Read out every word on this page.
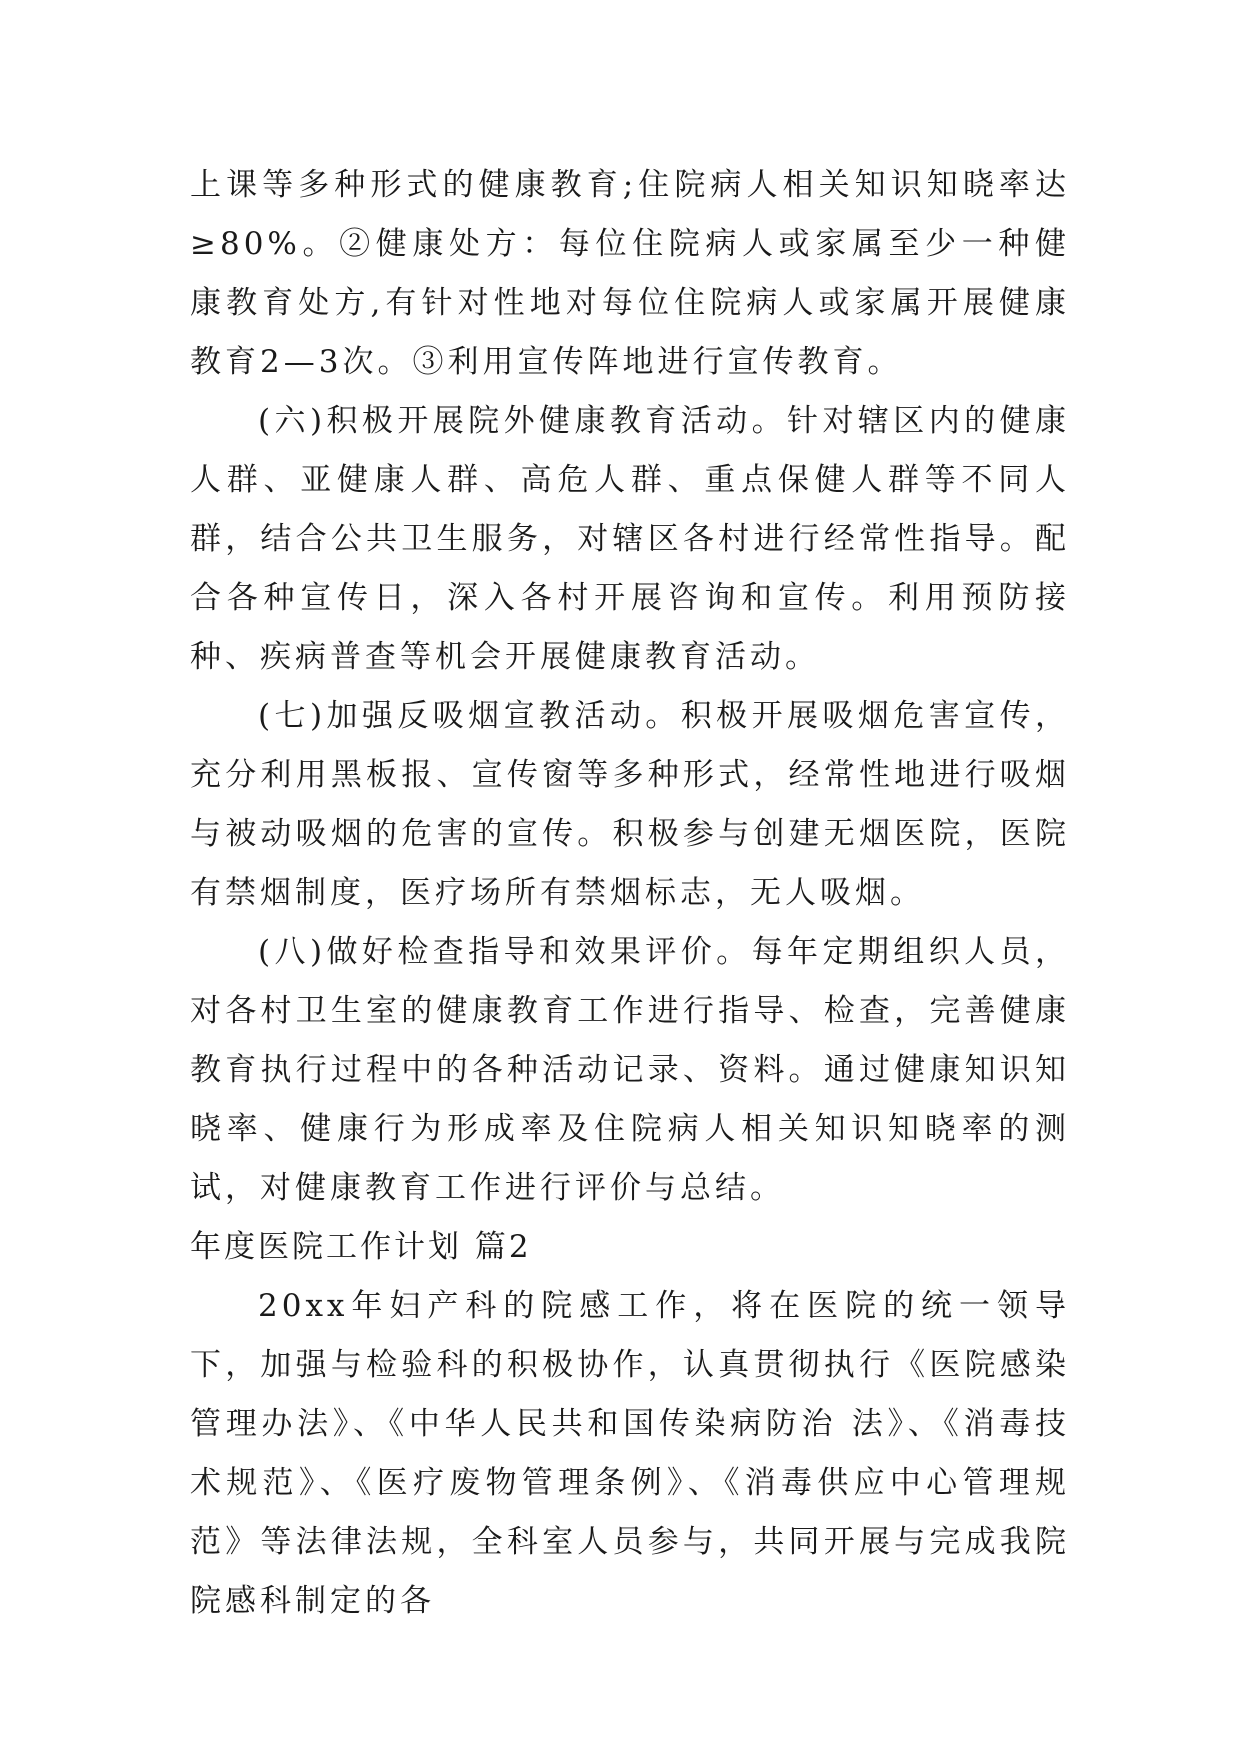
上课等多种形式的健康教育;住院病人相关知识知晓率达≥80%。②健康处方：每位住院病人或家属至少一种健康教育处方,有针对性地对每位住院病人或家属开展健康教育2—3次。③利用宣传阵地进行宣传教育。

(六)积极开展院外健康教育活动。针对辖区内的健康人群、亚健康人群、高危人群、重点保健人群等不同人群，结合公共卫生服务，对辖区各村进行经常性指导。配合各种宣传日，深入各村开展咨询和宣传。利用预防接种、疾病普查等机会开展健康教育活动。

(七)加强反吸烟宣教活动。积极开展吸烟危害宣传，充分利用黑板报、宣传窗等多种形式，经常性地进行吸烟与被动吸烟的危害的宣传。积极参与创建无烟医院，医院有禁烟制度，医疗场所有禁烟标志，无人吸烟。

(八)做好检查指导和效果评价。每年定期组织人员，对各村卫生室的健康教育工作进行指导、检查，完善健康教育执行过程中的各种活动记录、资料。通过健康知识知晓率、健康行为形成率及住院病人相关知识知晓率的测试，对健康教育工作进行评价与总结。

年度医院工作计划 篇2

20xx年妇产科的院感工作，将在医院的统一领导下，加强与检验科的积极协作，认真贯彻执行《医院感染管理办法》、《中华人民共和国传染病防治 法》、《消毒技术规范》、《医疗废物管理条例》、《消毒供应中心管理规范》等法律法规，全科室人员参与，共同开展与完成我院院感科制定的各
